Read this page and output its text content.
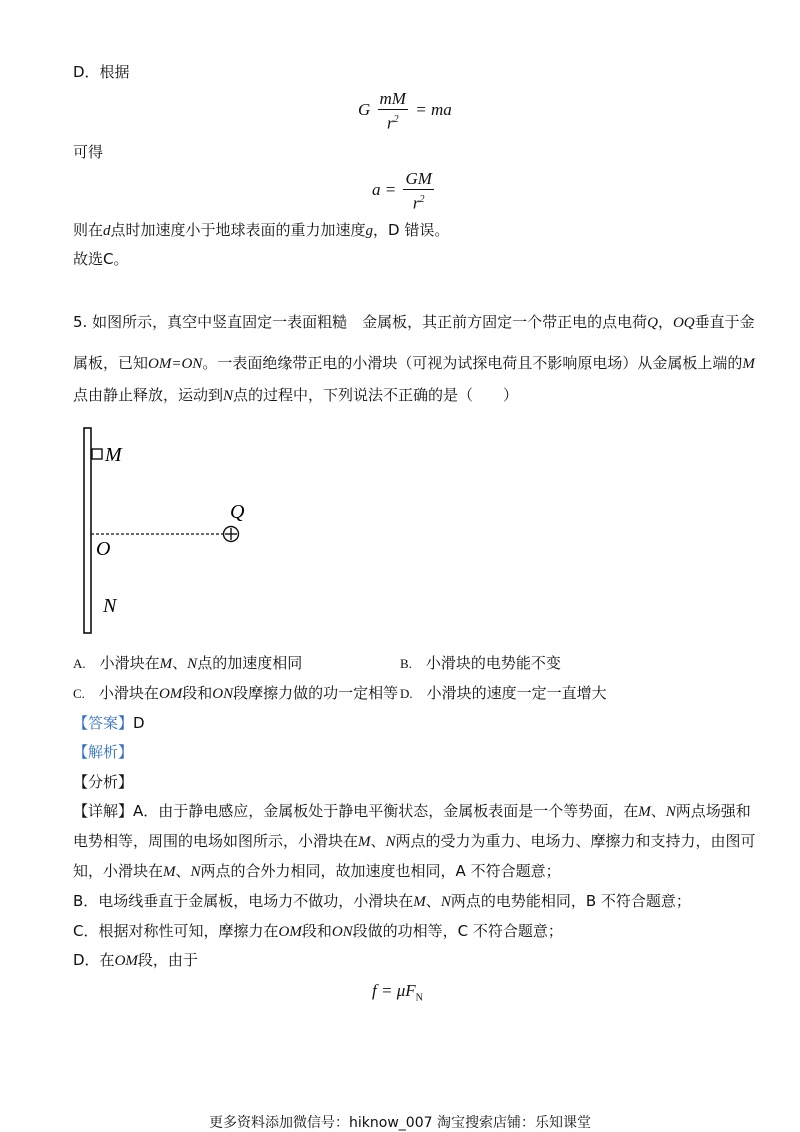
D．根据
G $\frac{mM}{r^2}$ = ma
可得
$a = \frac{GM}{r^2}$
则在d点时加速度小于地球表面的重力加速度g，D 错误。
故选C。
5. 如图所示，真空中竖直固定一表面粗糙　金属板，其正前方固定一个带正电的点电荷Q，OQ垂直于金
属板，已知OM=ON。一表面绝缘带正电的小滑块（可视为试探电荷且不影响原电场）从金属板上端的M
点由静止释放，运动到N点的过程中，下列说法不正确的是（　　）
M
Q
O
N
A. 小滑块在M、N点的加速度相同	B. 小滑块的电势能不变
C. 小滑块在OM段和ON段摩擦力做的功一定相等 D. 小滑块的速度一定一直增大
【答案】D
【解析】
【分析】
【详解】A．由于静电感应，金属板处于静电平衡状态，金属板表面是一个等势面，在M、N两点场强和
电势相等，周围的电场如图所示，小滑块在M、N两点的受力为重力、电场力、摩擦力和支持力，由图可
知，小滑块在M、N两点的合外力相同，故加速度也相同，A 不符合题意；
B．电场线垂直于金属板，电场力不做功，小滑块在M、N两点的电势能相同，B 不符合题意；
C．根据对称性可知，摩擦力在OM段和ON段做的功相等，C 不符合题意；
D．在OM段，由于
$f = \mu F_N$
更多资料添加微信号：hiknow_007 淘宝搜索店铺：乐知课堂
